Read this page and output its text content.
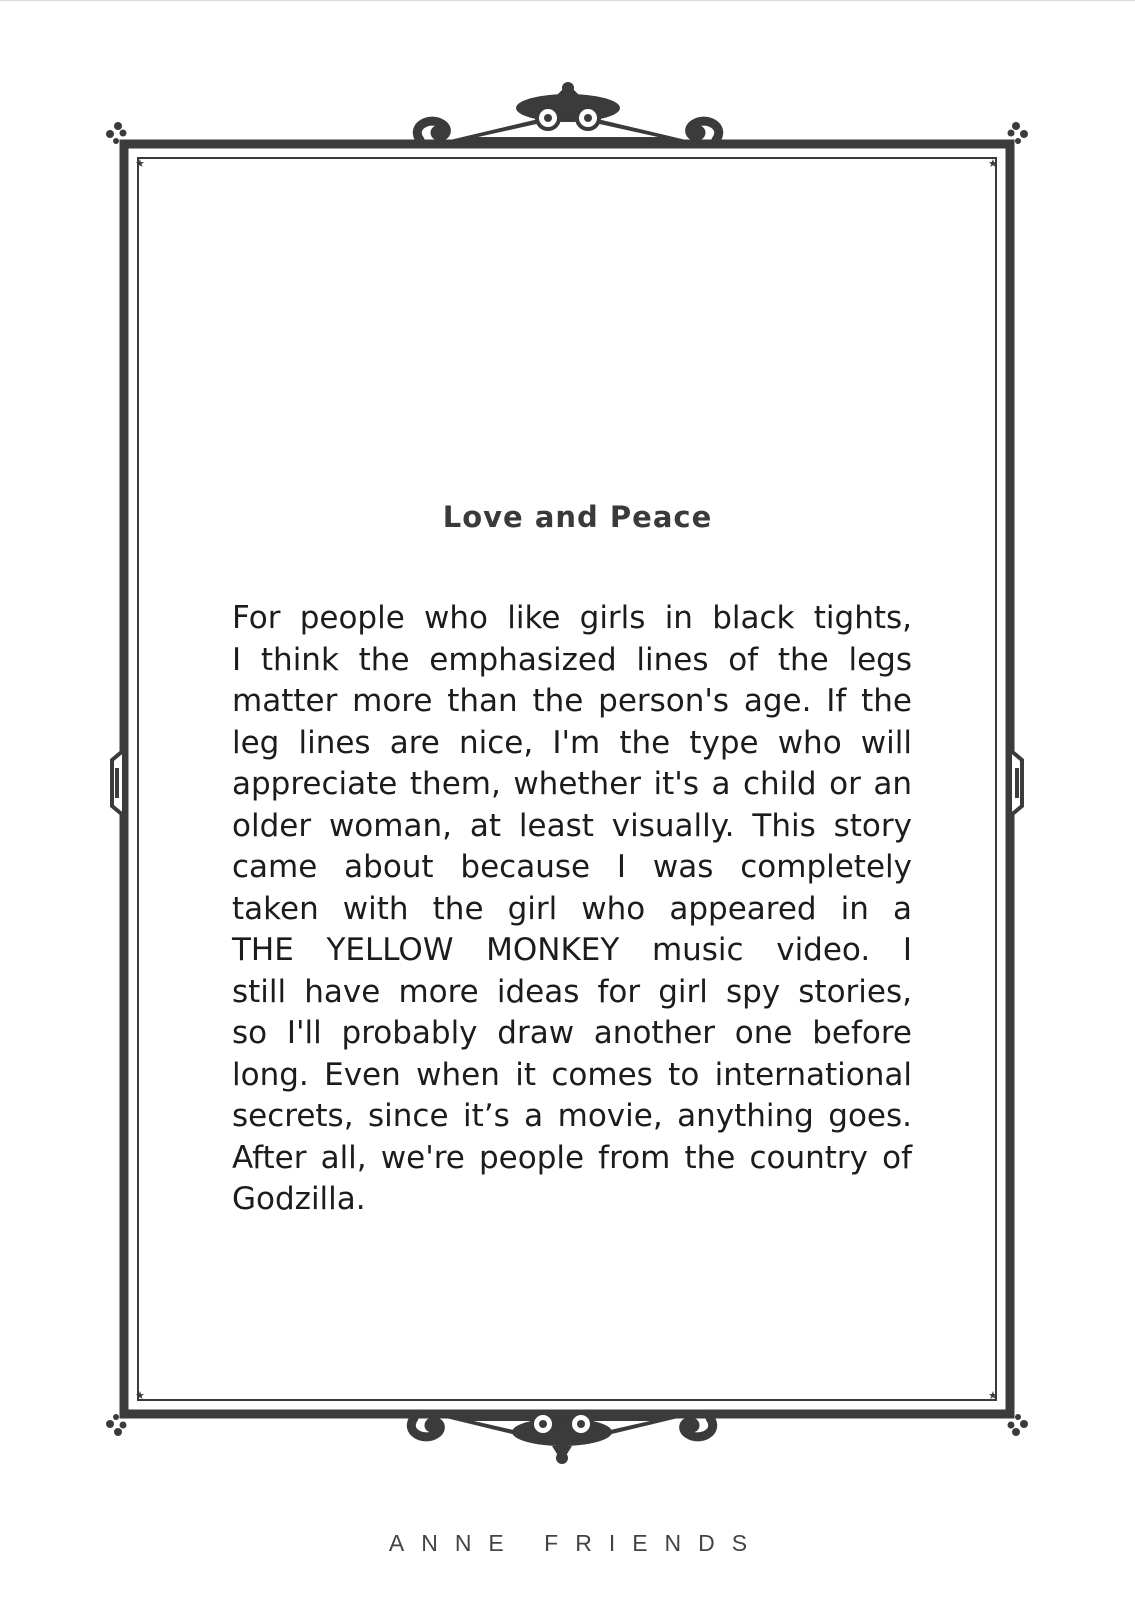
★	★
★	★
Love and Peace
For people who like girls in black tights,
I think the emphasized lines of the legs
matter more than the person's age. If the
leg lines are nice, I'm the type who will
appreciate them, whether it's a child or an
older woman, at least visually. This story
came about because I was completely
taken with the girl who appeared in a
THE YELLOW MONKEY music video. I
still have more ideas for girl spy stories,
so I'll probably draw another one before
long. Even when it comes to international
secrets, since it’s a movie, anything goes.
After all, we're people from the country of
Godzilla.
ANNE FRIENDS
